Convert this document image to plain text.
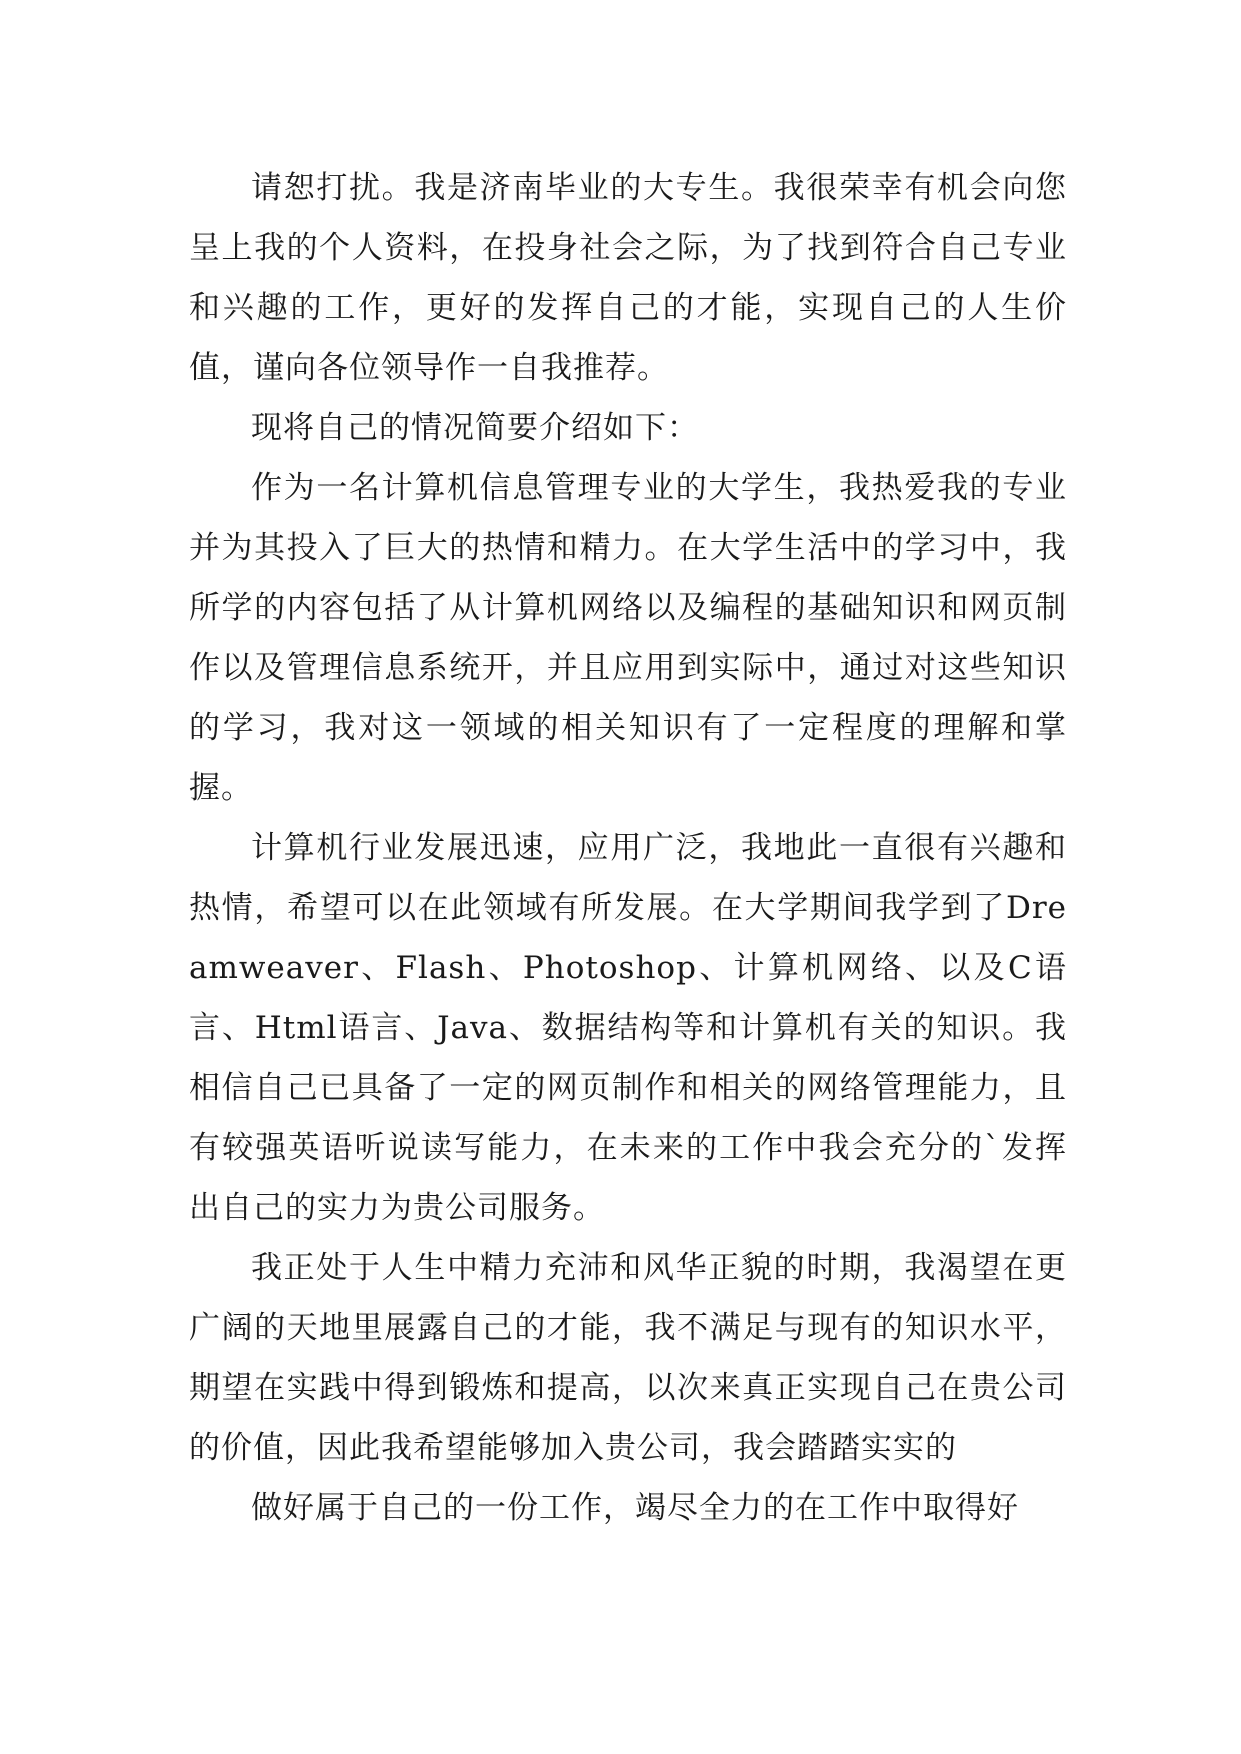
请恕打扰。我是济南毕业的大专生。我很荣幸有机会向您呈上我的个人资料，在投身社会之际，为了找到符合自己专业和兴趣的工作，更好的发挥自己的才能，实现自己的人生价值，谨向各位领导作一自我推荐。

现将自己的情况简要介绍如下：

作为一名计算机信息管理专业的大学生，我热爱我的专业并为其投入了巨大的热情和精力。在大学生活中的学习中，我所学的内容包括了从计算机网络以及编程的基础知识和网页制作以及管理信息系统开，并且应用到实际中，通过对这些知识的学习，我对这一领域的相关知识有了一定程度的理解和掌握。

计算机行业发展迅速，应用广泛，我地此一直很有兴趣和热情，希望可以在此领域有所发展。在大学期间我学到了Dreamweaver、Flash、Photoshop、计算机网络、以及C语言、Html语言、Java、数据结构等和计算机有关的知识。我相信自己已具备了一定的网页制作和相关的网络管理能力，且有较强英语听说读写能力，在未来的工作中我会充分的`发挥出自己的实力为贵公司服务。

我正处于人生中精力充沛和风华正貌的时期，我渴望在更广阔的天地里展露自己的才能，我不满足与现有的知识水平，期望在实践中得到锻炼和提高，以次来真正实现自己在贵公司的价值，因此我希望能够加入贵公司，我会踏踏实实的

做好属于自己的一份工作，竭尽全力的在工作中取得好
